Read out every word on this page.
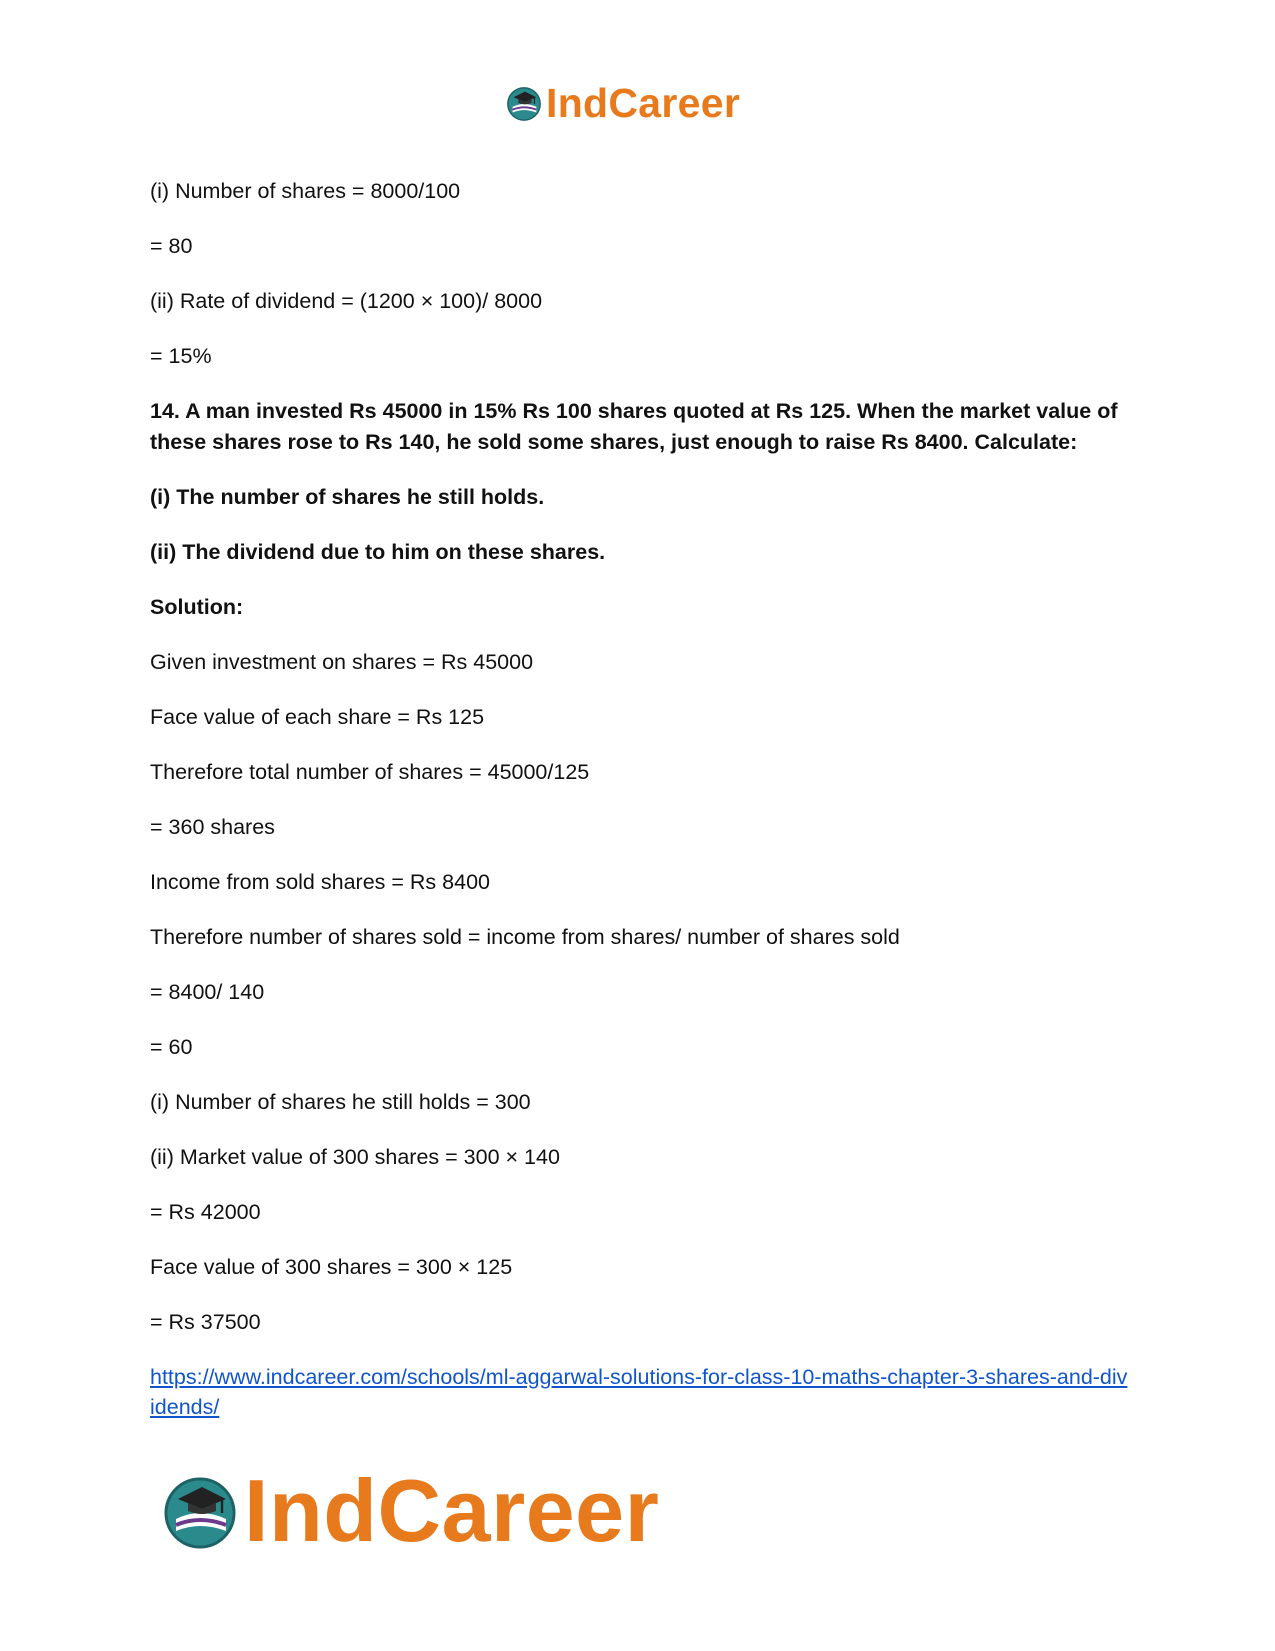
IndCareer

(i) Number of shares = 8000/100

= 80

(ii) Rate of dividend = (1200 × 100)/ 8000

= 15%

14. A man invested Rs 45000 in 15% Rs 100 shares quoted at Rs 125. When the market value of these shares rose to Rs 140, he sold some shares, just enough to raise Rs 8400. Calculate:

(i) The number of shares he still holds.

(ii) The dividend due to him on these shares.

Solution:

Given investment on shares = Rs 45000

Face value of each share = Rs 125

Therefore total number of shares = 45000/125

= 360 shares

Income from sold shares = Rs 8400

Therefore number of shares sold = income from shares/ number of shares sold

= 8400/ 140

= 60

(i) Number of shares he still holds = 300

(ii) Market value of 300 shares = 300 × 140

= Rs 42000

Face value of 300 shares = 300 × 125

= Rs 37500

https://www.indcareer.com/schools/ml-aggarwal-solutions-for-class-10-maths-chapter-3-shares-and-dividends/
IndCareer
